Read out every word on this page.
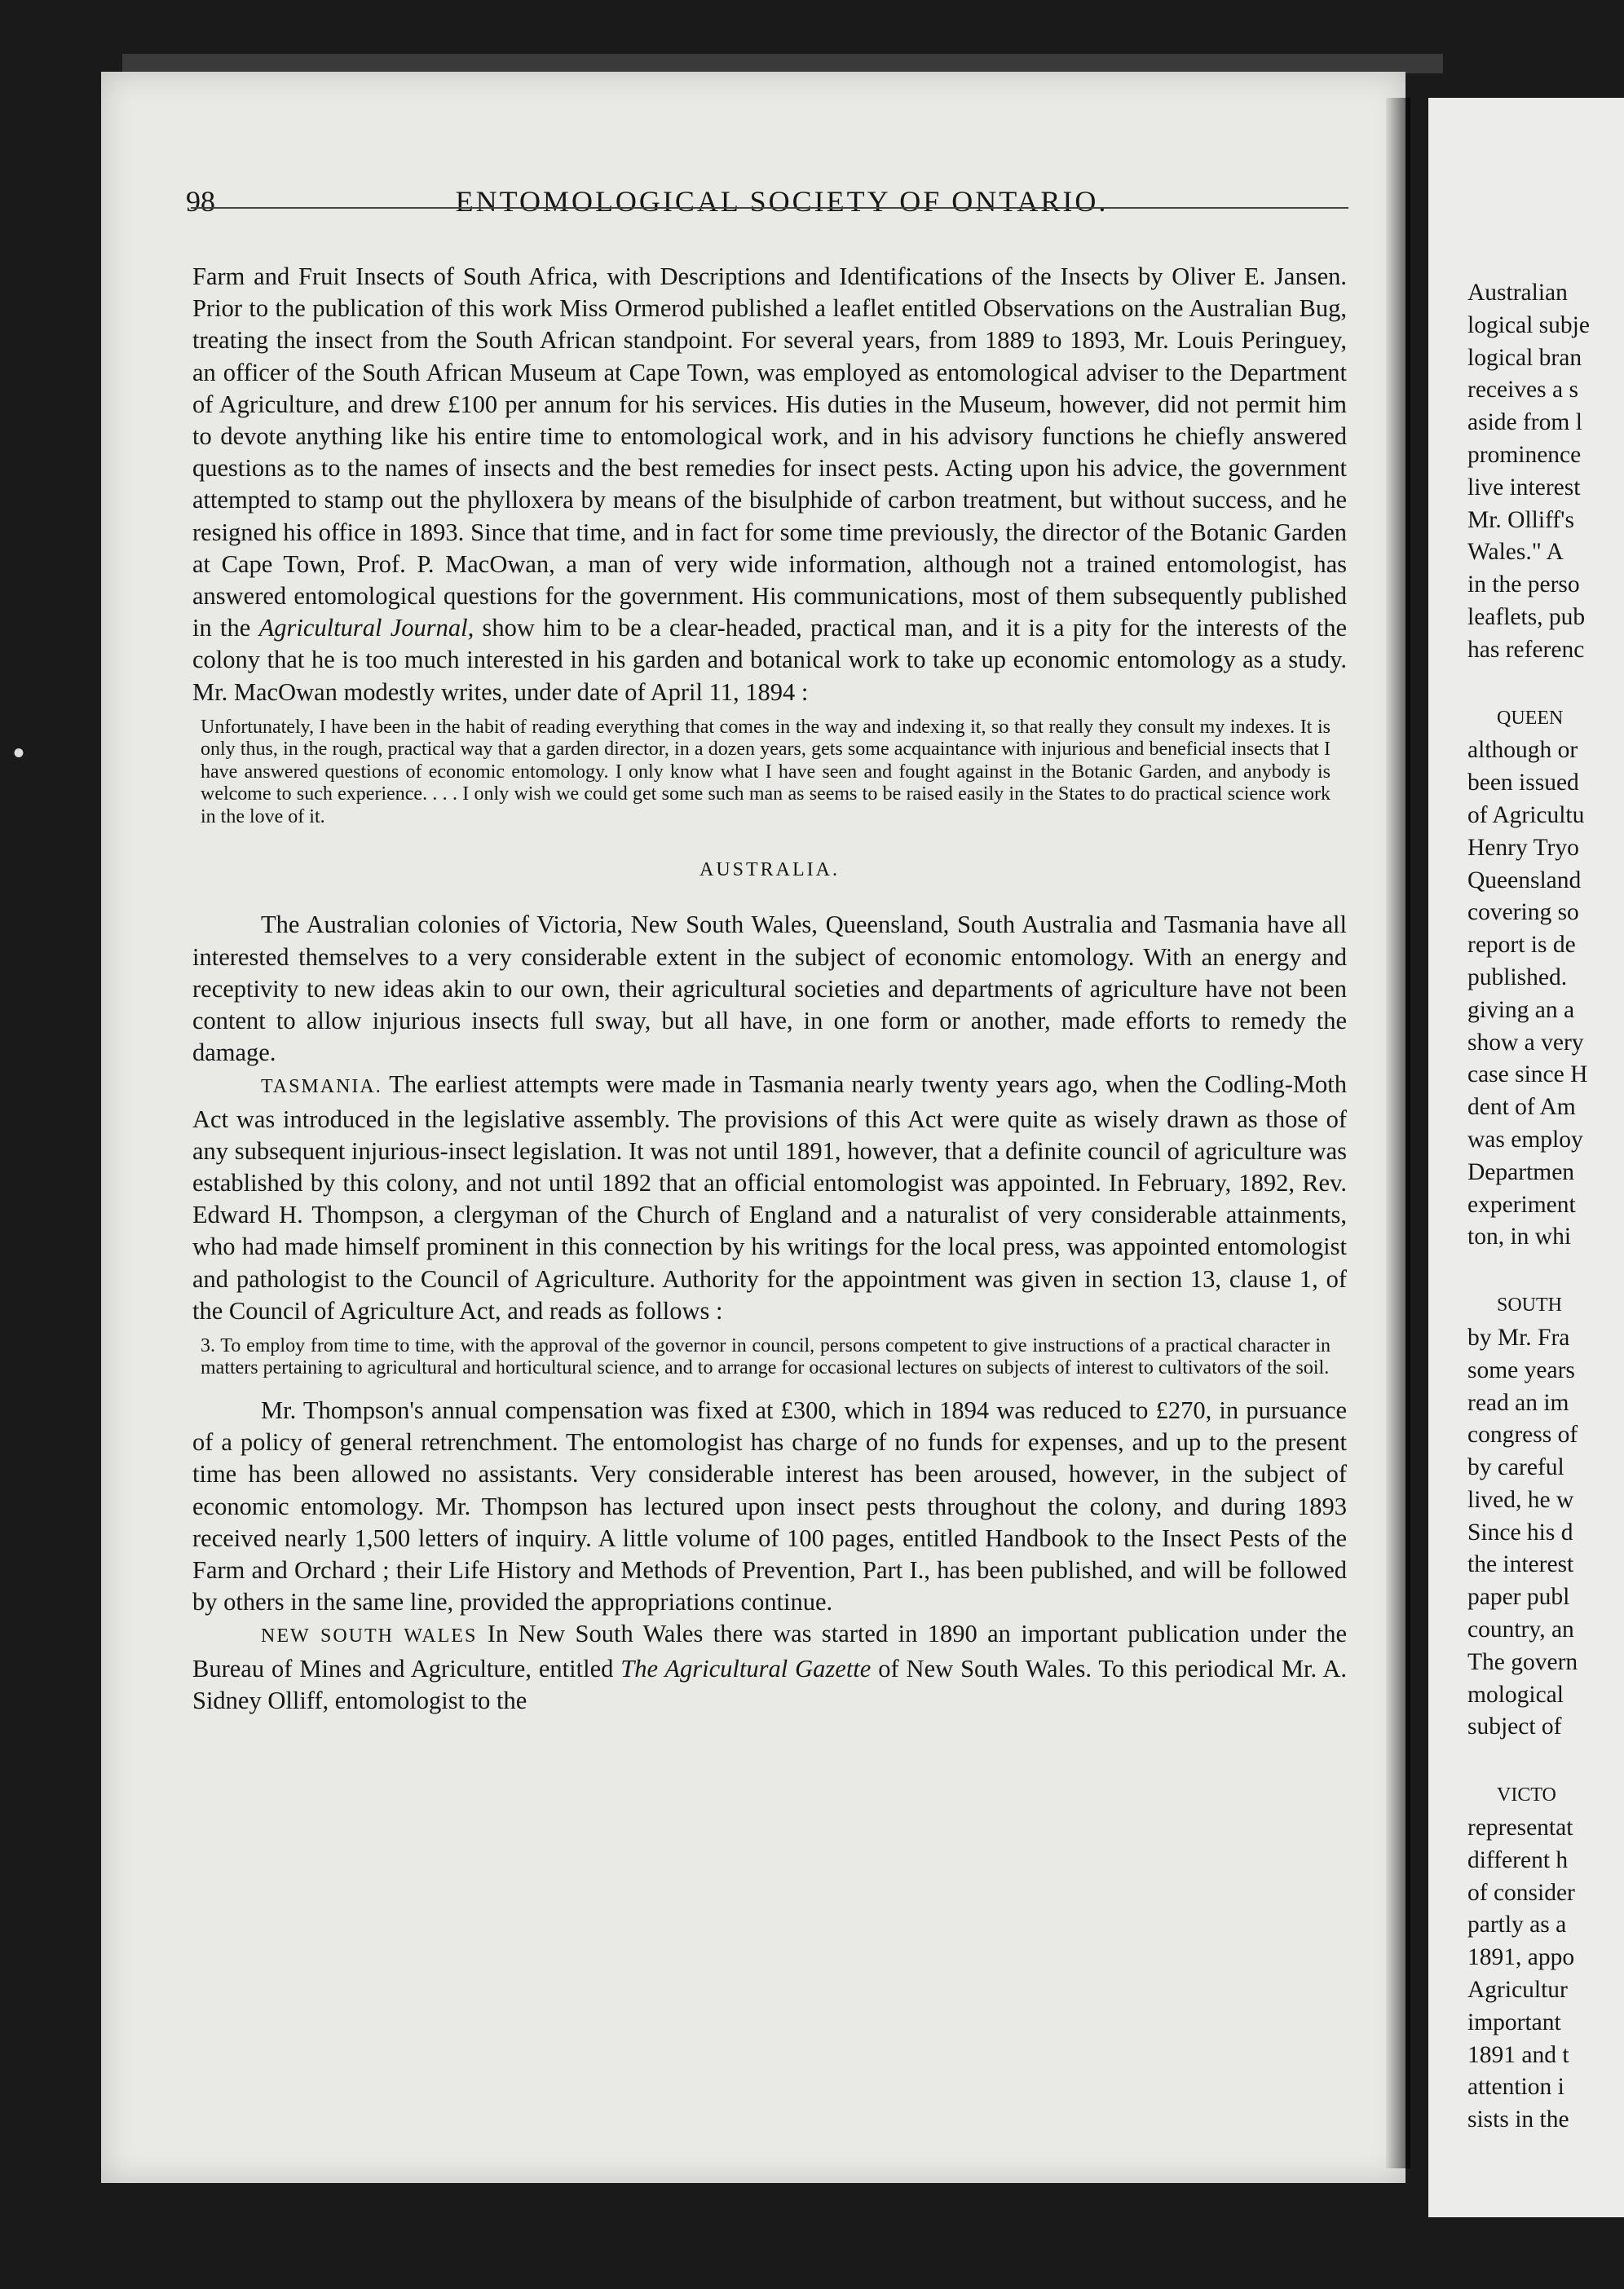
98	ENTOMOLOGICAL SOCIETY OF ONTARIO.

Farm and Fruit Insects of South Africa, with Descriptions and Identifications of the Insects by Oliver E. Jansen. Prior to the publication of this work Miss Ormerod published a leaflet entitled Observations on the Australian Bug, treating the insect from the South African standpoint. For several years, from 1889 to 1893, Mr. Louis Peringuey, an officer of the South African Museum at Cape Town, was employed as entomological adviser to the Department of Agriculture, and drew £100 per annum for his services. His duties in the Museum, however, did not permit him to devote anything like his entire time to entomological work, and in his advisory functions he chiefly answered questions as to the names of insects and the best remedies for insect pests. Acting upon his advice, the government attempted to stamp out the phylloxera by means of the bisulphide of carbon treatment, but without success, and he resigned his office in 1893. Since that time, and in fact for some time previously, the director of the Botanic Garden at Cape Town, Prof. P. MacOwan, a man of very wide information, although not a trained entomologist, has answered entomological questions for the government. His communications, most of them subsequently published in the Agricultural Journal, show him to be a clear-headed, practical man, and it is a pity for the interests of the colony that he is too much interested in his garden and botanical work to take up economic entomology as a study. Mr. MacOwan modestly writes, under date of April 11, 1894 :

Unfortunately, I have been in the habit of reading everything that comes in the way and indexing it, so that really they consult my indexes. It is only thus, in the rough, practical way that a garden director, in a dozen years, gets some acquaintance with injurious and beneficial insects that I have answered questions of economic entomology. I only know what I have seen and fought against in the Botanic Garden, and anybody is welcome to such experience. . . . I only wish we could get some such man as seems to be raised easily in the States to do practical science work in the love of it.

AUSTRALIA.

The Australian colonies of Victoria, New South Wales, Queensland, South Australia and Tasmania have all interested themselves to a very considerable extent in the subject of economic entomology. With an energy and receptivity to new ideas akin to our own, their agricultural societies and departments of agriculture have not been content to allow injurious insects full sway, but all have, in one form or another, made efforts to remedy the damage.

TASMANIA. The earliest attempts were made in Tasmania nearly twenty years ago, when the Codling-Moth Act was introduced in the legislative assembly. The provisions of this Act were quite as wisely drawn as those of any subsequent injurious-insect legislation. It was not until 1891, however, that a definite council of agriculture was established by this colony, and not until 1892 that an official entomologist was appointed. In February, 1892, Rev. Edward H. Thompson, a clergyman of the Church of England and a naturalist of very considerable attainments, who had made himself prominent in this connection by his writings for the local press, was appointed entomologist and pathologist to the Council of Agriculture. Authority for the appointment was given in section 13, clause 1, of the Council of Agriculture Act, and reads as follows :

3. To employ from time to time, with the approval of the governor in council, persons competent to give instructions of a practical character in matters pertaining to agricultural and horticultural science, and to arrange for occasional lectures on subjects of interest to cultivators of the soil.

Mr. Thompson's annual compensation was fixed at £300, which in 1894 was reduced to £270, in pursuance of a policy of general retrenchment. The entomologist has charge of no funds for expenses, and up to the present time has been allowed no assistants. Very considerable interest has been aroused, however, in the subject of economic entomology. Mr. Thompson has lectured upon insect pests throughout the colony, and during 1893 received nearly 1,500 letters of inquiry. A little volume of 100 pages, entitled Handbook to the Insect Pests of the Farm and Orchard ; their Life History and Methods of Prevention, Part I., has been published, and will be followed by others in the same line, provided the appropriations continue.

NEW SOUTH WALES In New South Wales there was started in 1890 an important publication under the Bureau of Mines and Agriculture, entitled The Agricultural Gazette of New South Wales. To this periodical Mr. A. Sidney Olliff, entomologist to the

Australian
logical subje
logical bran
receives a s
aside from l
prominence
live interest
Mr. Olliff's
Wales." A
in the perso
leaflets, pub
has referenc
QUEEN
although or
been issued
of Agricultu
Henry Tryo
Queensland
covering so
report is de
published.
giving an a
show a very
case since H
dent of Am
was employ
Departmen
experiment
ton, in whi
SOUTH
by Mr. Fra
some years
read an im
congress of
by careful
lived, he w
Since his d
the interest
paper publ
country, an
The govern
mological
subject of
VICTO
representat
different h
of consider
partly as a
1891, appo
Agricultur
important
1891 and t
attention i
sists in the
•
